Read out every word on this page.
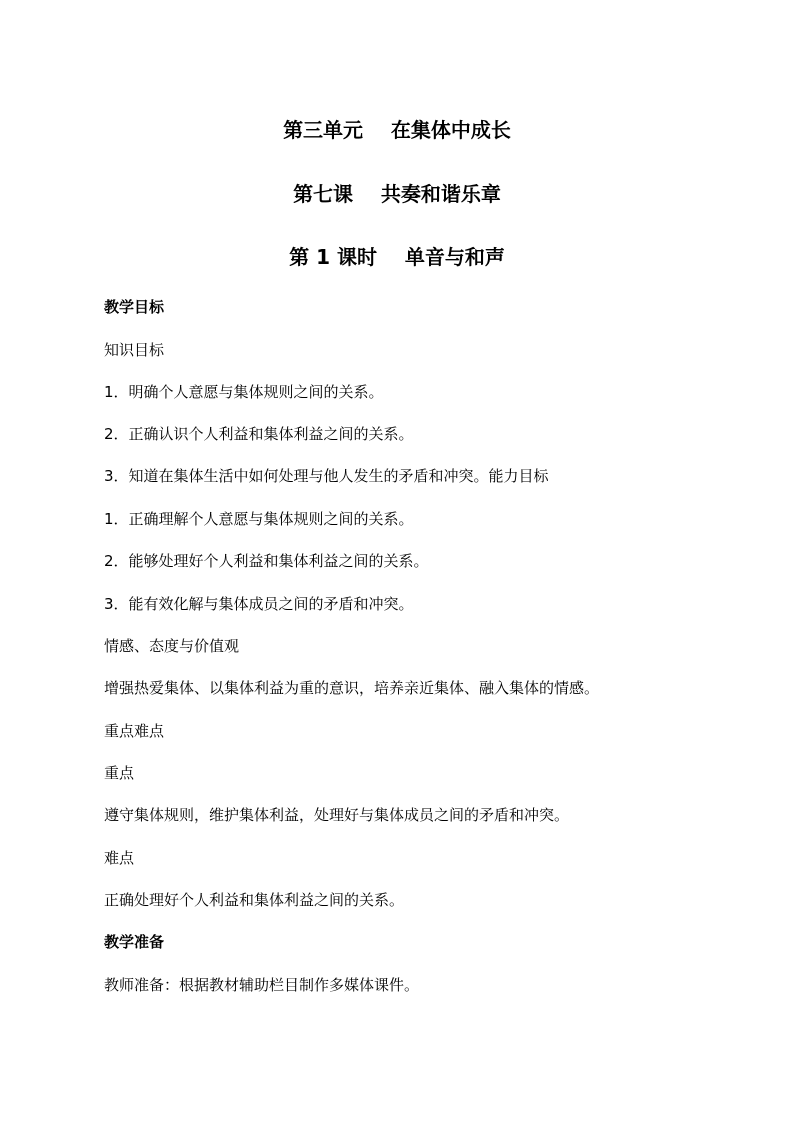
第三单元    在集体中成长
第七课    共奏和谐乐章
第 1 课时    单音与和声
教学目标
知识目标
1．明确个人意愿与集体规则之间的关系。
2．正确认识个人利益和集体利益之间的关系。
3．知道在集体生活中如何处理与他人发生的矛盾和冲突。能力目标
1．正确理解个人意愿与集体规则之间的关系。
2．能够处理好个人利益和集体利益之间的关系。
3．能有效化解与集体成员之间的矛盾和冲突。
情感、态度与价值观
增强热爱集体、以集体利益为重的意识，培养亲近集体、融入集体的情感。
重点难点
重点
遵守集体规则，维护集体利益，处理好与集体成员之间的矛盾和冲突。
难点
正确处理好个人利益和集体利益之间的关系。
教学准备
教师准备：根据教材辅助栏目制作多媒体课件。
